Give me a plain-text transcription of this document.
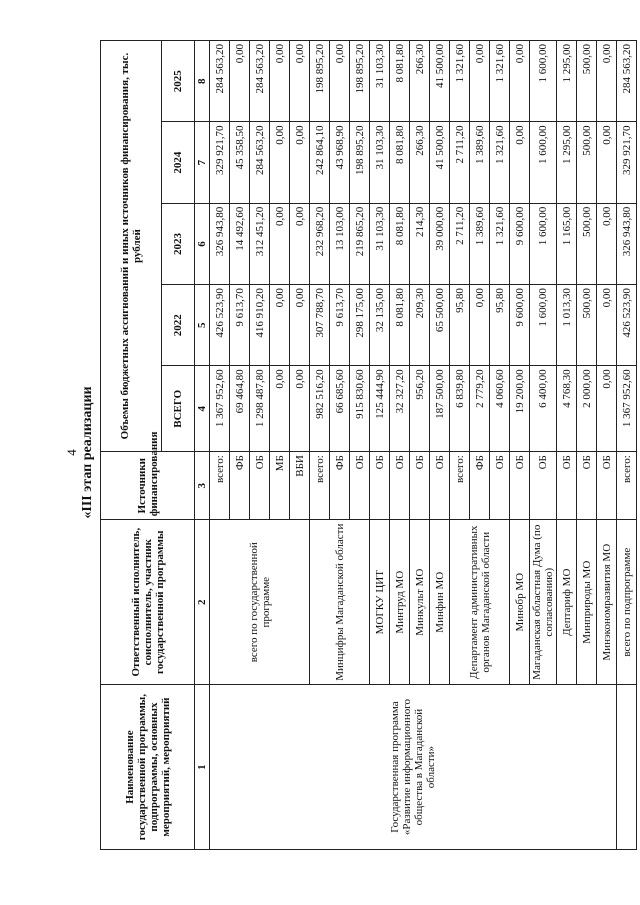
4 «III этап реализации
Наименование государственной программы, подпрограммы, основных мероприятий, мероприятий	Ответственный исполнитель, соисполнитель, участник государственной программы	Источники финансирования	Объемы бюджетных ассигнований и иных источников финансирования, тыс. рублей				
			ВСЕГО	2022	2023	2024	2025
1	2	3	4	5	6	7	8
Государственная программа «Развитие информационного общества в Магаданской области»	всего по государственной программе	всего:	1 367 952,60	426 523,90	326 943,80	329 921,70	284 563,20
		ФБ	69 464,80	9 613,70	14 492,60	45 358,50	0,00
		ОБ	1 298 487,80	416 910,20	312 451,20	284 563,20	284 563,20
		МБ	0,00	0,00	0,00	0,00	0,00
		ВБИ	0,00	0,00	0,00	0,00	0,00
	Минцифры Магаданской области	всего:	982 516,20	307 788,70	232 968,20	242 864,10	198 895,20
		ФБ	66 685,60	9 613,70	13 103,00	43 968,90	0,00
		ОБ	915 830,60	298 175,00	219 865,20	198 895,20	198 895,20
	МОГКУ ЦИТ	ОБ	125 444,90	32 135,00	31 103,30	31 103,30	31 103,30
	Минтруд МО	ОБ	32 327,20	8 081,80	8 081,80	8 081,80	8 081,80
	Минкульт МО	ОБ	956,20	209,30	214,30	266,30	266,30
	Минфин МО	ОБ	187 500,00	65 500,00	39 000,00	41 500,00	41 500,00
	Департамент административных органов Магаданской области	всего:	6 839,80	95,80	2 711,20	2 711,20	1 321,60
		ФБ	2 779,20	0,00	1 389,60	1 389,60	0,00
		ОБ	4 060,60	95,80	1 321,60	1 321,60	1 321,60
	Минобр МО	ОБ	19 200,00	9 600,00	9 600,00	0,00	0,00
	Магаданская областная Дума (по согласованию)	ОБ	6 400,00	1 600,00	1 600,00	1 600,00	1 600,00
	Дептариф МО	ОБ	4 768,30	1 013,30	1 165,00	1 295,00	1 295,00
	Минприроды МО	ОБ	2 000,00	500,00	500,00	500,00	500,00
	Минэкономразвития МО	ОБ	0,00	0,00	0,00	0,00	0,00
	всего по подпрограмме	всего:	1 367 952,60	426 523,90	326 943,80	329 921,70	284 563,20
